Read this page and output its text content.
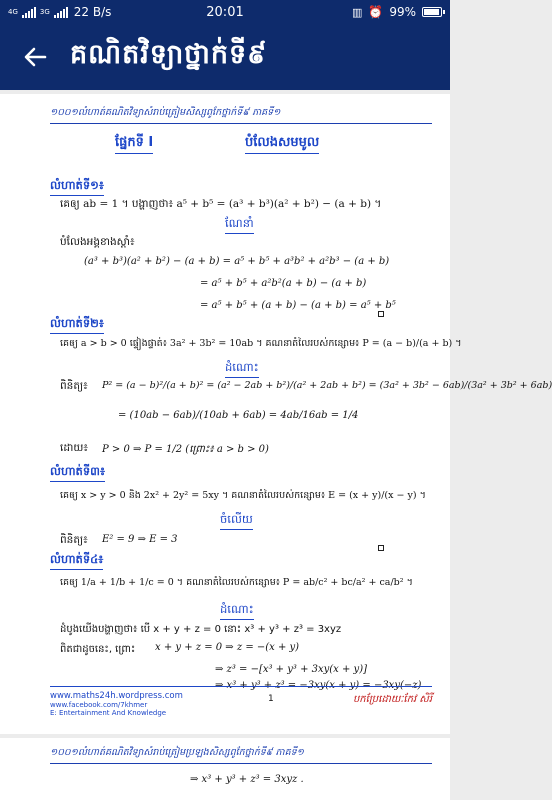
4G	3G 22 B/s	20:01	▥ ⏰ 99%
គណិតវិទ្យាថ្នាក់ទី៩
១០០១លំហាត់គណិតវិទ្យាសំរាប់ត្រៀមសិស្សពូកែថ្នាក់ទី៩ ភាគទី១
ផ្នែកទី I	បំលែងសមមូល
លំហាត់ទី១៖
គេឲ្យ ab = 1 ។ បង្ហាញថា៖ a⁵ + b⁵ = (a³ + b³)(a² + b²) − (a + b) ។
ណែនាំ
បំលែងអង្គខាងស្តាំ៖
(a³ + b³)(a² + b²) − (a + b) = a⁵ + b⁵ + a³b² + a²b³ − (a + b)
= a⁵ + b⁵ + a²b²(a + b) − (a + b)
= a⁵ + b⁵ + (a + b) − (a + b) = a⁵ + b⁵
លំហាត់ទី២៖
គេឲ្យ a > b > 0 ផ្ទៀងផ្ទាត់៖ 3a² + 3b² = 10ab ។ គណនាតំលៃរបស់កន្សោម៖ P = (a − b)/(a + b) ។
ដំណោះ
ពិនិត្យ៖ P² = (a − b)²/(a + b)² = (a² − 2ab + b²)/(a² + 2ab + b²) = (3a² + 3b² − 6ab)/(3a² + 3b² + 6ab)
= (10ab − 6ab)/(10ab + 6ab) = 4ab/16ab = 1/4
ដោយ៖ P > 0 ⇒ P = 1/2 (ព្រោះ៖ a > b > 0)
លំហាត់ទី៣៖
គេឲ្យ x > y > 0 និង 2x² + 2y² = 5xy ។ គណនាតំលៃរបស់កន្សោម៖ E = (x + y)/(x − y) ។
ចំលើយ
ពិនិត្យ៖ E² = 9 ⇒ E = 3
លំហាត់ទី៤៖
គេឲ្យ 1/a + 1/b + 1/c = 0 ។ គណនាតំលៃរបស់កន្សោម៖ P = ab/c² + bc/a² + ca/b² ។
ដំណោះ
ដំបូងយើងបង្ហាញថា៖ បើ x + y + z = 0 នោះ x³ + y³ + z³ = 3xyz
ពិតជាដូចនេះ, ព្រោះ x + y + z = 0 ⇒ z = −(x + y)
⇒ z³ = −[x³ + y³ + 3xy(x + y)]
⇒ x³ + y³ + z³ = −3xy(x + y) = −3xy(−z)
www.maths24h.wordpress.com
www.facebook.com/7khmer
E: Entertainment And Knowledge
1	បកប្រែដោយៈកែវ សិរី
១០០១លំហាត់គណិតវិទ្យាសំរាប់ត្រៀមប្រឡងសិស្សពូកែថ្នាក់ទី៩ ភាគទី១
⇒ x³ + y³ + z³ = 3xyz .
